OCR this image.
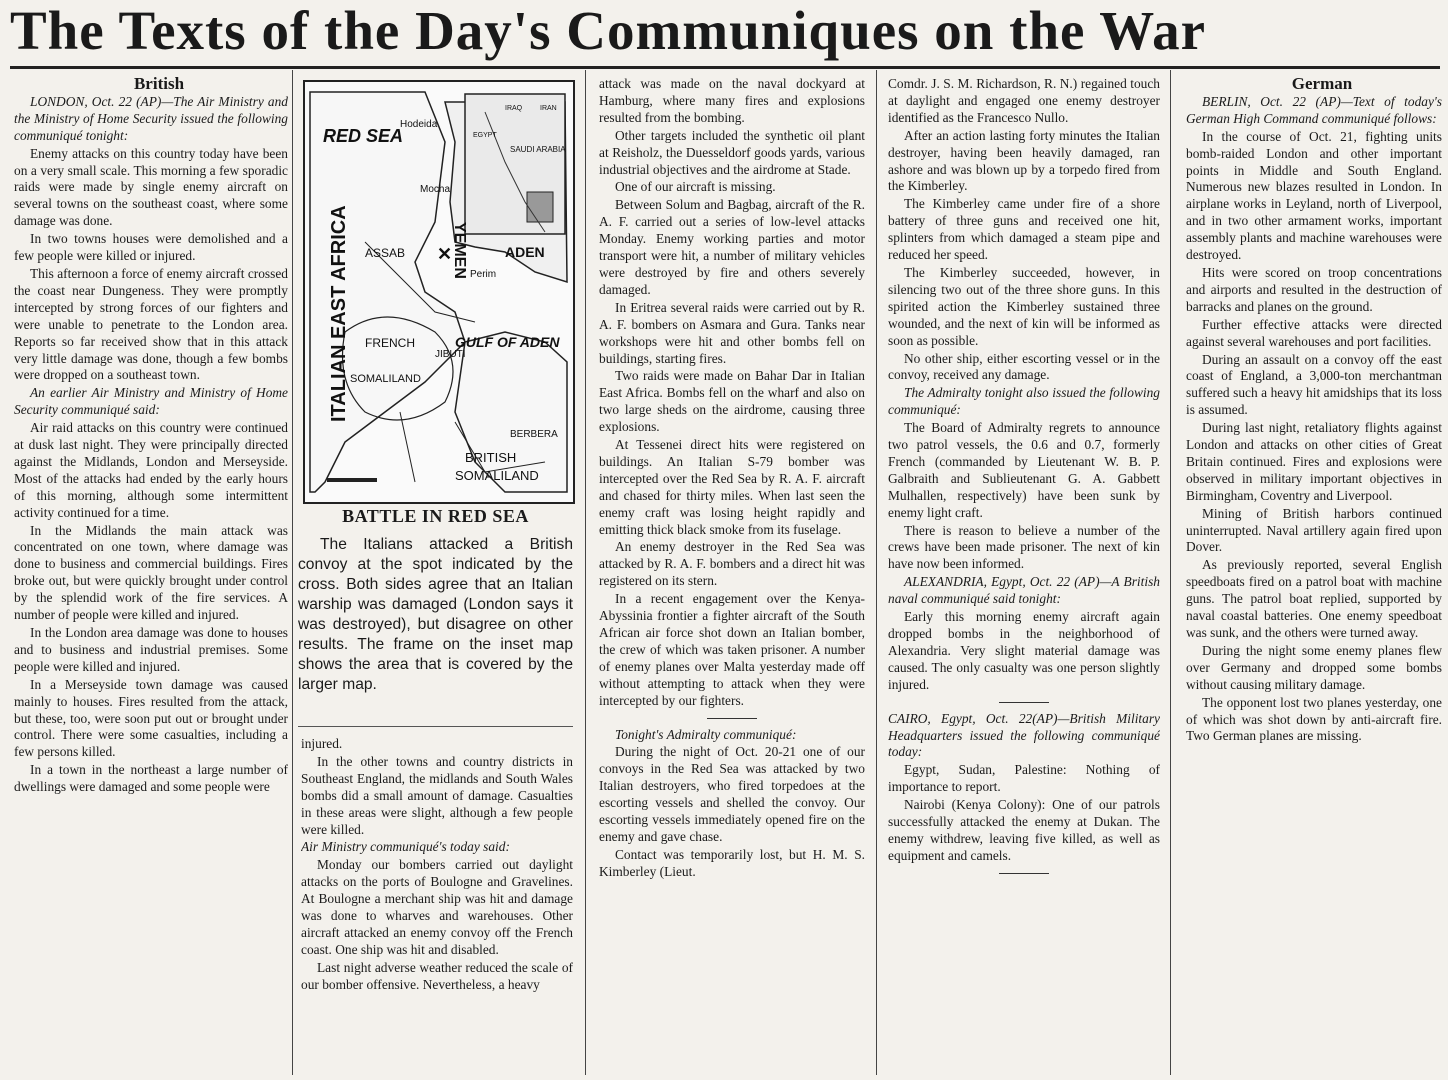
The Texts of the Day's Communiques on the War

British

LONDON, Oct. 22 (AP)—The Air Ministry and the Ministry of Home Security issued the following communiqué tonight:

Enemy attacks on this country today have been on a very small scale. This morning a few sporadic raids were made by single enemy aircraft on several towns on the southeast coast, where some damage was done.

In two towns houses were demolished and a few people were killed or injured.

This afternoon a force of enemy aircraft crossed the coast near Dungeness. They were promptly intercepted by strong forces of our fighters and were unable to penetrate to the London area. Reports so far received show that in this attack very little damage was done, though a few bombs were dropped on a southeast town.

An earlier Air Ministry and Ministry of Home Security communiqué said:

Air raid attacks on this country were continued at dusk last night. They were principally directed against the Midlands, London and Merseyside. Most of the attacks had ended by the early hours of this morning, although some intermittent activity continued for a time.

In the Midlands the main attack was concentrated on one town, where damage was done to business and commercial buildings. Fires broke out, but were quickly brought under control by the splendid work of the fire services. A number of people were killed and injured.

In the London area damage was done to houses and to business and industrial premises. Some people were killed and injured.

In a Merseyside town damage was caused mainly to houses. Fires resulted from the attack, but these, too, were soon put out or brought under control. There were some casualties, including a few persons killed.

In a town in the northeast a large number of dwellings were damaged and some people were

✕
RED SEA
Hodeida
Mocha
YEMEN
ITALIAN EAST AFRICA ASSAB
Perim
ADEN
GULF OF ADEN
FRENCH
SOMALILAND
JIBUTI
BERBERA
BRITISH
SOMALILAND
SAUDI ARABIA
IRAQ	IRAN
EGYPT

BATTLE IN RED SEA

The Italians attacked a British convoy at the spot indicated by the cross. Both sides agree that an Italian warship was damaged (London says it was destroyed), but disagree on other results. The frame on the inset map shows the area that is covered by the larger map.

injured.

In the other towns and country districts in Southeast England, the midlands and South Wales bombs did a small amount of damage. Casualties in these areas were slight, although a few people were killed.

Air Ministry communiqué's today said:

Monday our bombers carried out daylight attacks on the ports of Boulogne and Gravelines. At Boulogne a merchant ship was hit and damage was done to wharves and warehouses. Other aircraft attacked an enemy convoy off the French coast. One ship was hit and disabled.

Last night adverse weather reduced the scale of our bomber offensive. Nevertheless, a heavy

attack was made on the naval dockyard at Hamburg, where many fires and explosions resulted from the bombing.

Other targets included the synthetic oil plant at Reisholz, the Duesseldorf goods yards, various industrial objectives and the airdrome at Stade.

One of our aircraft is missing.

Between Solum and Bagbag, aircraft of the R. A. F. carried out a series of low-level attacks Monday. Enemy working parties and motor transport were hit, a number of military vehicles were destroyed by fire and others severely damaged.

In Eritrea several raids were carried out by R. A. F. bombers on Asmara and Gura. Tanks near workshops were hit and other bombs fell on buildings, starting fires.

Two raids were made on Bahar Dar in Italian East Africa. Bombs fell on the wharf and also on two large sheds on the airdrome, causing three explosions.

At Tessenei direct hits were registered on buildings. An Italian S-79 bomber was intercepted over the Red Sea by R. A. F. aircraft and chased for thirty miles. When last seen the enemy craft was losing height rapidly and emitting thick black smoke from its fuselage.

An enemy destroyer in the Red Sea was attacked by R. A. F. bombers and a direct hit was registered on its stern.

In a recent engagement over the Kenya-Abyssinia frontier a fighter aircraft of the South African air force shot down an Italian bomber, the crew of which was taken prisoner. A number of enemy planes over Malta yesterday made off without attempting to attack when they were intercepted by our fighters.

Tonight's Admiralty communiqué:

During the night of Oct. 20-21 one of our convoys in the Red Sea was attacked by two Italian destroyers, who fired torpedoes at the escorting vessels and shelled the convoy. Our escorting vessels immediately opened fire on the enemy and gave chase.

Contact was temporarily lost, but H. M. S. Kimberley (Lieut.

Comdr. J. S. M. Richardson, R. N.) regained touch at daylight and engaged one enemy destroyer identified as the Francesco Nullo.

After an action lasting forty minutes the Italian destroyer, having been heavily damaged, ran ashore and was blown up by a torpedo fired from the Kimberley.

The Kimberley came under fire of a shore battery of three guns and received one hit, splinters from which damaged a steam pipe and reduced her speed.

The Kimberley succeeded, however, in silencing two out of the three shore guns. In this spirited action the Kimberley sustained three wounded, and the next of kin will be informed as soon as possible.

No other ship, either escorting vessel or in the convoy, received any damage.

The Admiralty tonight also issued the following communiqué:

The Board of Admiralty regrets to announce two patrol vessels, the 0.6 and 0.7, formerly French (commanded by Lieutenant W. B. P. Galbraith and Sublieutenant G. A. Gabbett Mulhallen, respectively) have been sunk by enemy light craft.

There is reason to believe a number of the crews have been made prisoner. The next of kin have now been informed.

ALEXANDRIA, Egypt, Oct. 22 (AP)—A British naval communiqué said tonight:

Early this morning enemy aircraft again dropped bombs in the neighborhood of Alexandria. Very slight material damage was caused. The only casualty was one person slightly injured.

CAIRO, Egypt, Oct. 22(AP)—British Military Headquarters issued the following communiqué today:

Egypt, Sudan, Palestine: Nothing of importance to report.

Nairobi (Kenya Colony): One of our patrols successfully attacked the enemy at Dukan. The enemy withdrew, leaving five killed, as well as equipment and camels.

German

BERLIN, Oct. 22 (AP)—Text of today's German High Command communiqué follows:

In the course of Oct. 21, fighting units bomb-raided London and other important points in Middle and South England. Numerous new blazes resulted in London. In airplane works in Leyland, north of Liverpool, and in two other armament works, important assembly plants and machine warehouses were destroyed.

Hits were scored on troop concentrations and airports and resulted in the destruction of barracks and planes on the ground.

Further effective attacks were directed against several warehouses and port facilities.

During an assault on a convoy off the east coast of England, a 3,000-ton merchantman suffered such a heavy hit amidships that its loss is assumed.

During last night, retaliatory flights against London and attacks on other cities of Great Britain continued. Fires and explosions were observed in military important objectives in Birmingham, Coventry and Liverpool.

Mining of British harbors continued uninterrupted. Naval artillery again fired upon Dover.

As previously reported, several English speedboats fired on a patrol boat with machine guns. The patrol boat replied, supported by naval coastal batteries. One enemy speedboat was sunk, and the others were turned away.

During the night some enemy planes flew over Germany and dropped some bombs without causing military damage.

The opponent lost two planes yesterday, one of which was shot down by anti-aircraft fire. Two German planes are missing.
